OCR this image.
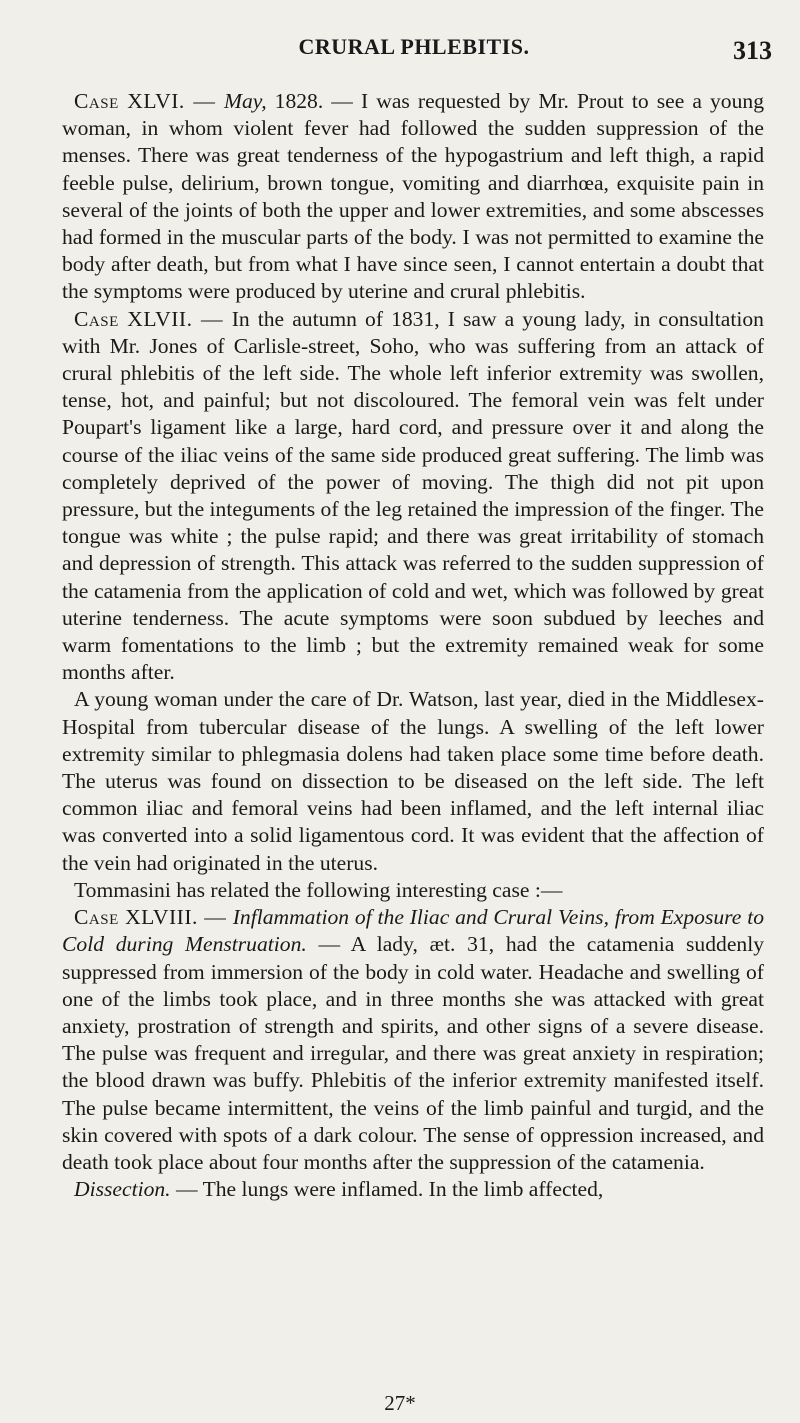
CRURAL PHLEBITIS.	313

Case XLVI. — May, 1828. — I was requested by Mr. Prout to see a young woman, in whom violent fever had followed the sudden suppression of the menses. There was great tenderness of the hypogastrium and left thigh, a rapid feeble pulse, delirium, brown tongue, vomiting and diarrhœa, exquisite pain in several of the joints of both the upper and lower extremities, and some abscesses had formed in the muscular parts of the body. I was not permitted to examine the body after death, but from what I have since seen, I cannot entertain a doubt that the symptoms were produced by uterine and crural phlebitis.

Case XLVII. — In the autumn of 1831, I saw a young lady, in consultation with Mr. Jones of Carlisle-street, Soho, who was suffering from an attack of crural phlebitis of the left side. The whole left inferior extremity was swollen, tense, hot, and painful; but not discoloured. The femoral vein was felt under Poupart's ligament like a large, hard cord, and pressure over it and along the course of the iliac veins of the same side produced great suffering. The limb was completely deprived of the power of moving. The thigh did not pit upon pressure, but the integuments of the leg retained the impression of the finger. The tongue was white ; the pulse rapid; and there was great irritability of stomach and depression of strength. This attack was referred to the sudden suppression of the catamenia from the application of cold and wet, which was followed by great uterine tenderness. The acute symptoms were soon subdued by leeches and warm fomentations to the limb ; but the extremity remained weak for some months after.

A young woman under the care of Dr. Watson, last year, died in the Middlesex-Hospital from tubercular disease of the lungs. A swelling of the left lower extremity similar to phlegmasia dolens had taken place some time before death. The uterus was found on dissection to be diseased on the left side. The left common iliac and femoral veins had been inflamed, and the left internal iliac was converted into a solid ligamentous cord. It was evident that the affection of the vein had originated in the uterus.

Tommasini has related the following interesting case :—

Case XLVIII. — Inflammation of the Iliac and Crural Veins, from Exposure to Cold during Menstruation. — A lady, æt. 31, had the catamenia suddenly suppressed from immersion of the body in cold water. Headache and swelling of one of the limbs took place, and in three months she was attacked with great anxiety, prostration of strength and spirits, and other signs of a severe disease. The pulse was frequent and irregular, and there was great anxiety in respiration; the blood drawn was buffy. Phlebitis of the inferior extremity manifested itself. The pulse became intermittent, the veins of the limb painful and turgid, and the skin covered with spots of a dark colour. The sense of oppression increased, and death took place about four months after the suppression of the catamenia.

Dissection. — The lungs were inflamed. In the limb affected,

27*
